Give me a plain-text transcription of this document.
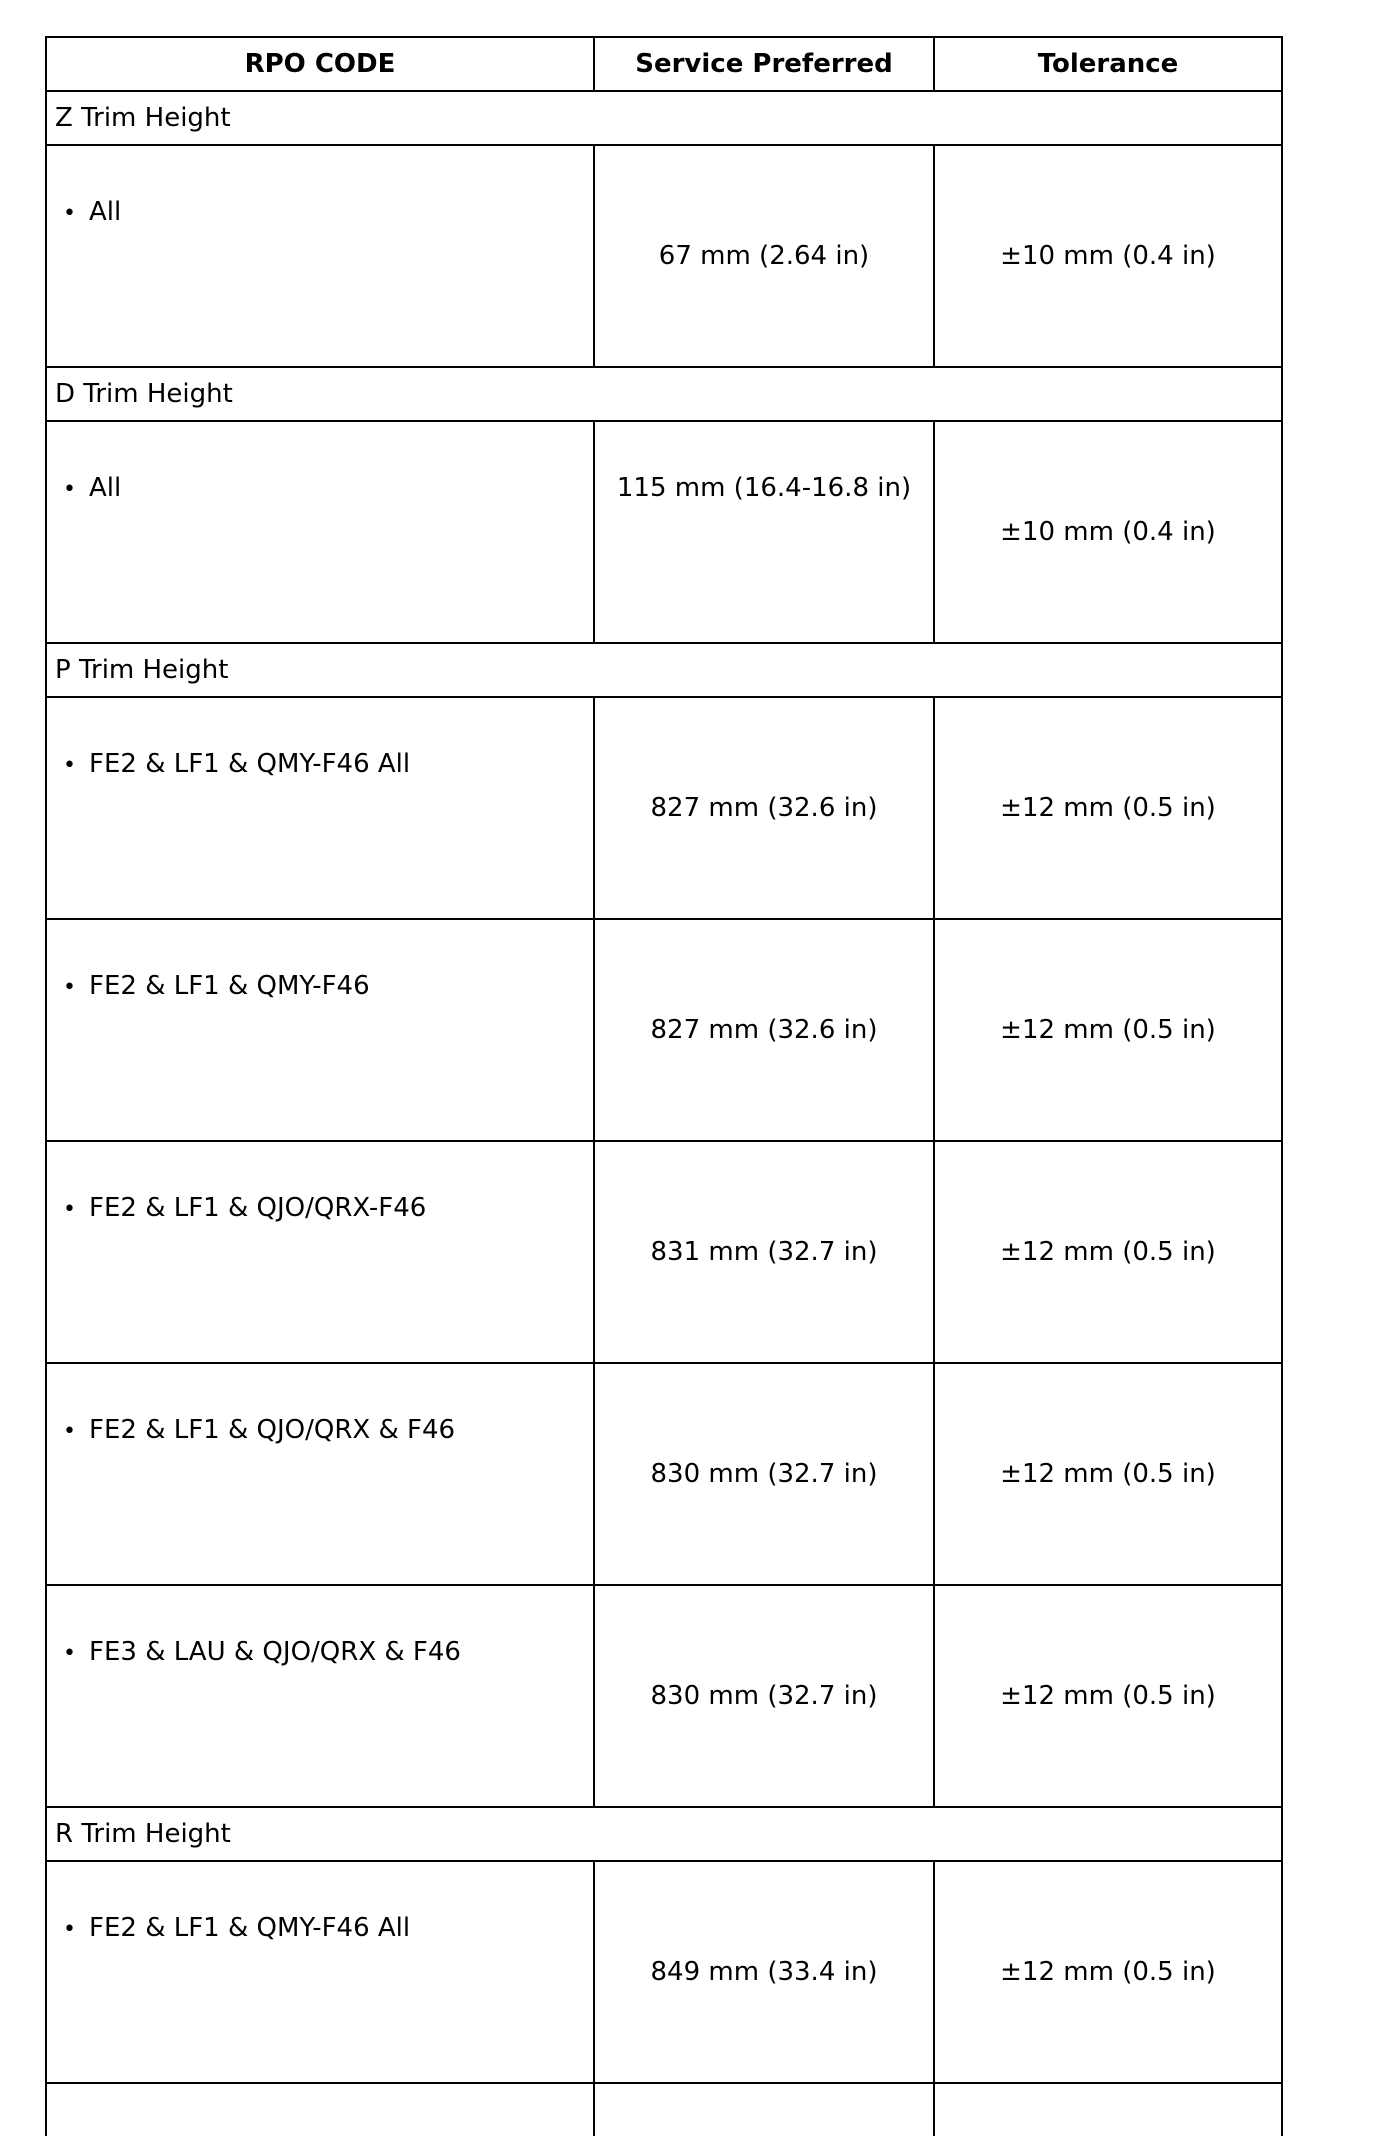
RPO CODE	Service Preferred	Tolerance
Z Trim Height		
• All	67 mm (2.64 in)	±10 mm (0.4 in)
D Trim Height		
• All	115 mm (16.4-16.8 in)	±10 mm (0.4 in)
P Trim Height		
• FE2 & LF1 & QMY-F46 All	827 mm (32.6 in)	±12 mm (0.5 in)
• FE2 & LF1 & QMY-F46	827 mm (32.6 in)	±12 mm (0.5 in)
• FE2 & LF1 & QJO/QRX-F46	831 mm (32.7 in)	±12 mm (0.5 in)
• FE2 & LF1 & QJO/QRX & F46	830 mm (32.7 in)	±12 mm (0.5 in)
• FE3 & LAU & QJO/QRX & F46	830 mm (32.7 in)	±12 mm (0.5 in)
R Trim Height		
• FE2 & LF1 & QMY-F46 All	849 mm (33.4 in)	±12 mm (0.5 in)
